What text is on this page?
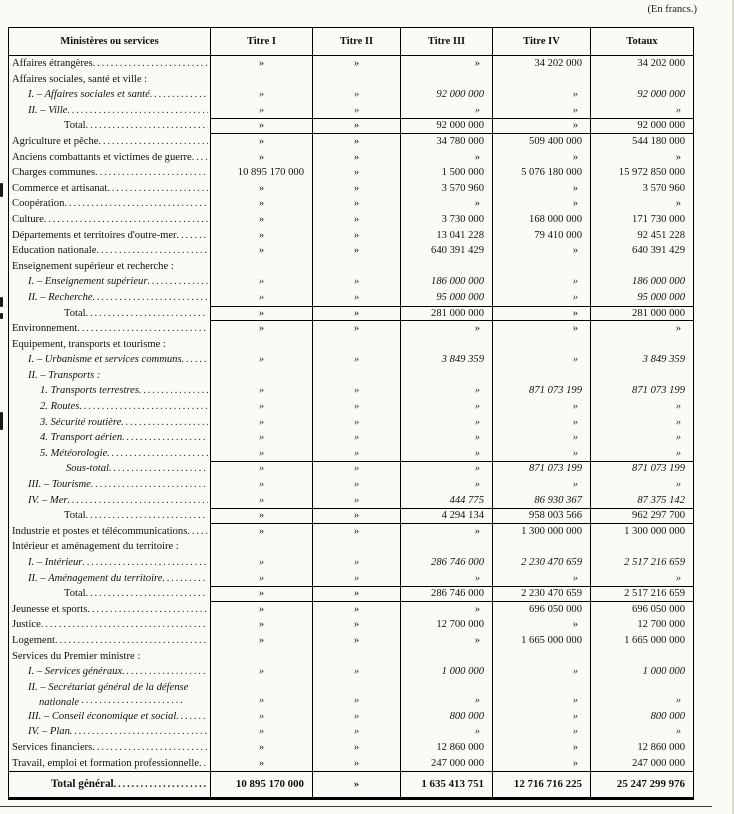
(En francs.)
Ministères ou services	Titre I	Titre II	Titre III	Titre IV	Totaux
Affaires étrangères .....	»	»	»	34 202 000	34 202 000
Affaires sociales, santé et ville :
I. – Affaires sociales et santé .....	»	»	92 000 000	»	92 000 000
II. – Ville .....	»	»	»	»	»
Total .....	»	»	92 000 000	»	92 000 000
Agriculture et pêche .....	»	»	34 780 000	509 400 000	544 180 000
Anciens combattants et victimes de guerre .....	»	»	»	»	»
Charges communes .....	10 895 170 000	»	1 500 000	5 076 180 000	15 972 850 000
Commerce et artisanat .....	»	»	3 570 960	»	3 570 960
Coopération .....	»	»	»	»	»
Culture .....	»	»	3 730 000	168 000 000	171 730 000
Départements et territoires d'outre-mer .....	»	»	13 041 228	79 410 000	92 451 228
Education nationale .....	»	»	640 391 429	»	640 391 429
Enseignement supérieur et recherche :
I. – Enseignement supérieur .....	»	»	186 000 000	»	186 000 000
II. – Recherche .....	»	»	95 000 000	»	95 000 000
Total .....	»	»	281 000 000	»	281 000 000
Environnement .....	»	»	»	»	»
Equipement, transports et tourisme :
I. – Urbanisme et services communs .....	»	»	3 849 359	»	3 849 359
II. – Transports :
1. Transports terrestres .....	»	»	»	871 073 199	871 073 199
2. Routes .....	»	»	»	»	»
3. Sécurité routière .....	»	»	»	»	»
4. Transport aérien .....	»	»	»	»	»
5. Météorologie .....	»	»	»	»	»
Sous-total .....	»	»	»	871 073 199	871 073 199
III. – Tourisme .....	»	»	»	»	»
IV. – Mer .....	»	»	444 775	86 930 367	87 375 142
Total .....	»	»	4 294 134	958 003 566	962 297 700
Industrie et postes et télécommunications .....	»	»	»	1 300 000 000	1 300 000 000
Intérieur et aménagement du territoire :
I. – Intérieur .....	»	»	286 746 000	2 230 470 659	2 517 216 659
II. – Aménagement du territoire .....	»	»	»	»	»
Total .....	»	»	286 746 000	2 230 470 659	2 517 216 659
Jeunesse et sports .....	»	»	»	696 050 000	696 050 000
Justice .....	»	»	12 700 000	»	12 700 000
Logement .....	»	»	»	1 665 000 000	1 665 000 000
Services du Premier ministre :
I. – Services généraux .....	»	»	1 000 000	»	1 000 000
II. – Secrétariat général de la défense nationale .....	»	»	»	»	»
III. – Conseil économique et social .....	»	»	800 000	»	800 000
IV. – Plan .....	»	»	»	»	»
Services financiers .....	»	»	12 860 000	»	12 860 000
Travail, emploi et formation professionnelle .....	»	»	247 000 000	»	247 000 000
Total général .....	10 895 170 000	»	1 635 413 751	12 716 716 225	25 247 299 976
